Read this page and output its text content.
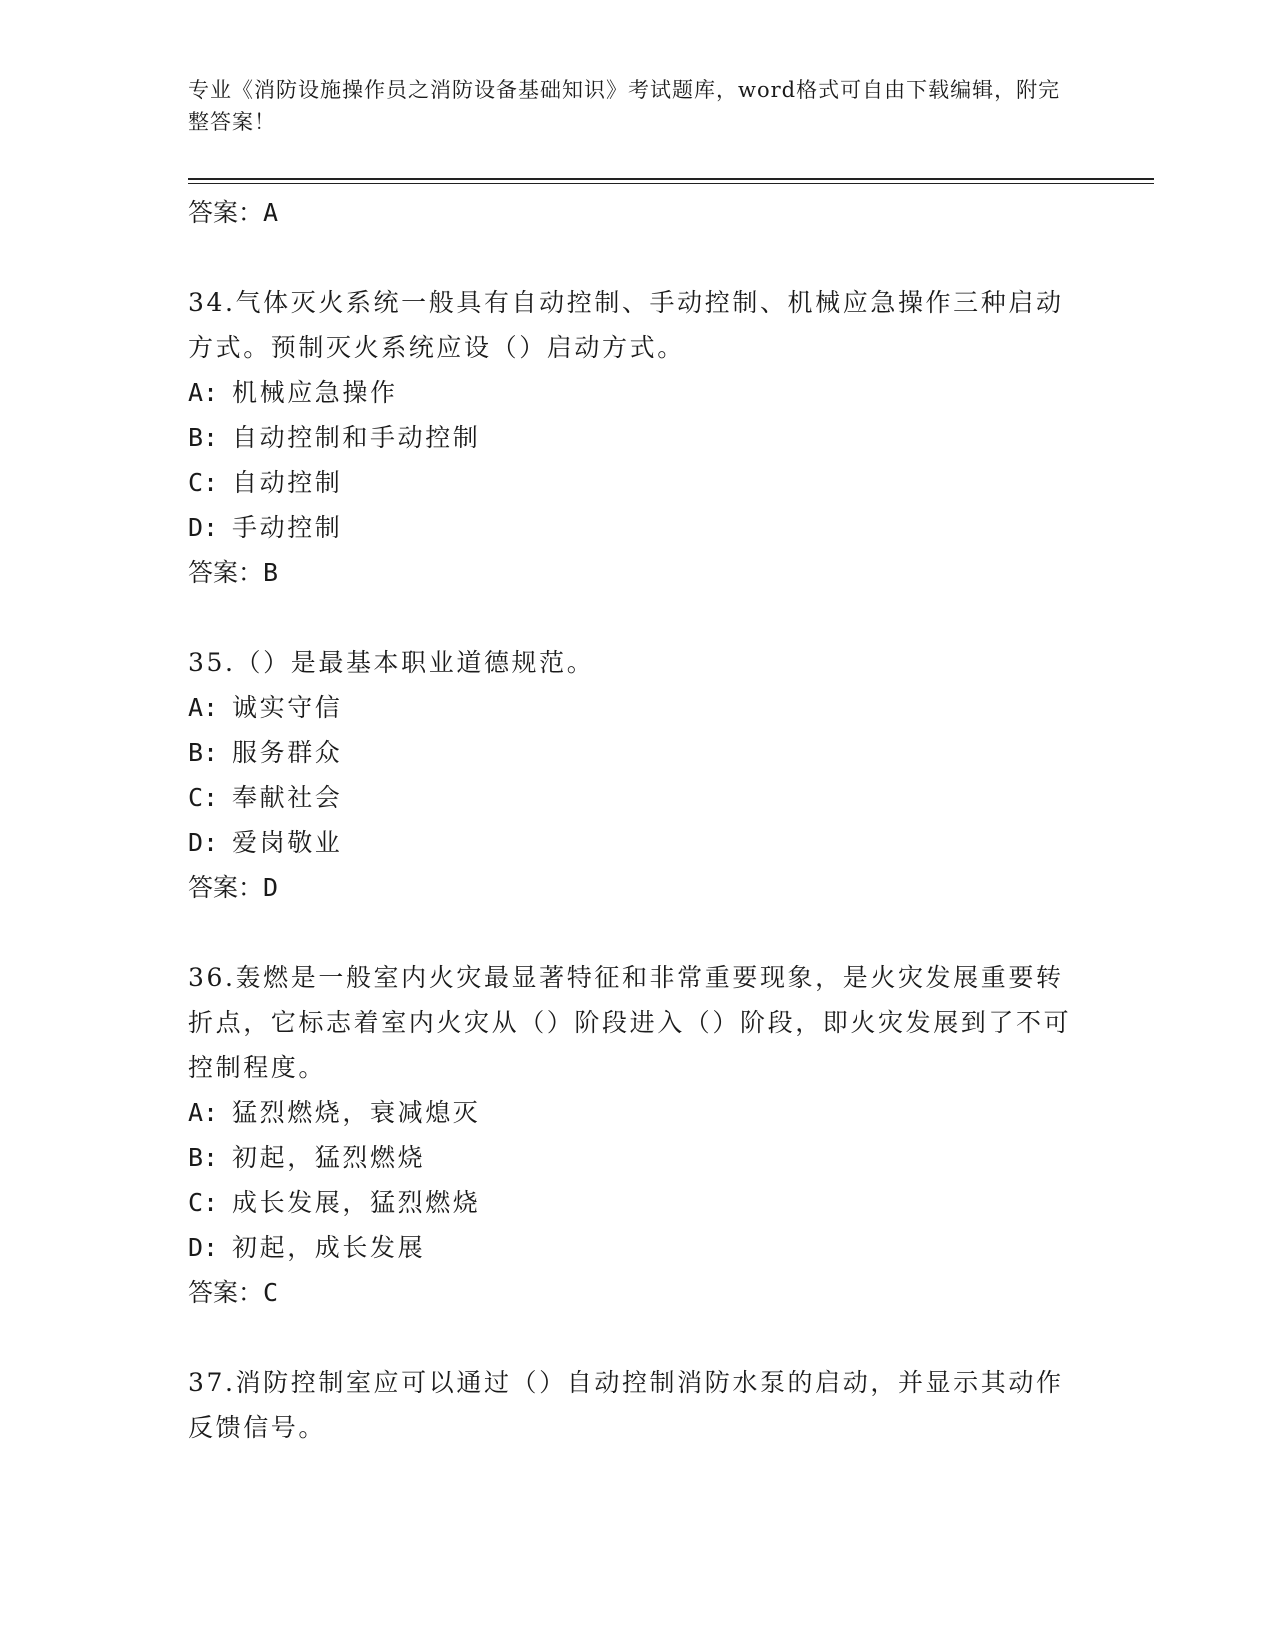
专业《消防设施操作员之消防设备基础知识》考试题库，word格式可自由下载编辑，附完整答案！
答案：A
34.气体灭火系统一般具有自动控制、手动控制、机械应急操作三种启动方式。预制灭火系统应设（）启动方式。
A: 机械应急操作
B: 自动控制和手动控制
C: 自动控制
D: 手动控制
答案：B
35.（）是最基本职业道德规范。
A: 诚实守信
B: 服务群众
C: 奉献社会
D: 爱岗敬业
答案：D
36.轰燃是一般室内火灾最显著特征和非常重要现象，是火灾发展重要转折点，它标志着室内火灾从（）阶段进入（）阶段，即火灾发展到了不可控制程度。
A: 猛烈燃烧，衰减熄灭
B: 初起，猛烈燃烧
C: 成长发展，猛烈燃烧
D: 初起，成长发展
答案：C
37.消防控制室应可以通过（）自动控制消防水泵的启动，并显示其动作反馈信号。
